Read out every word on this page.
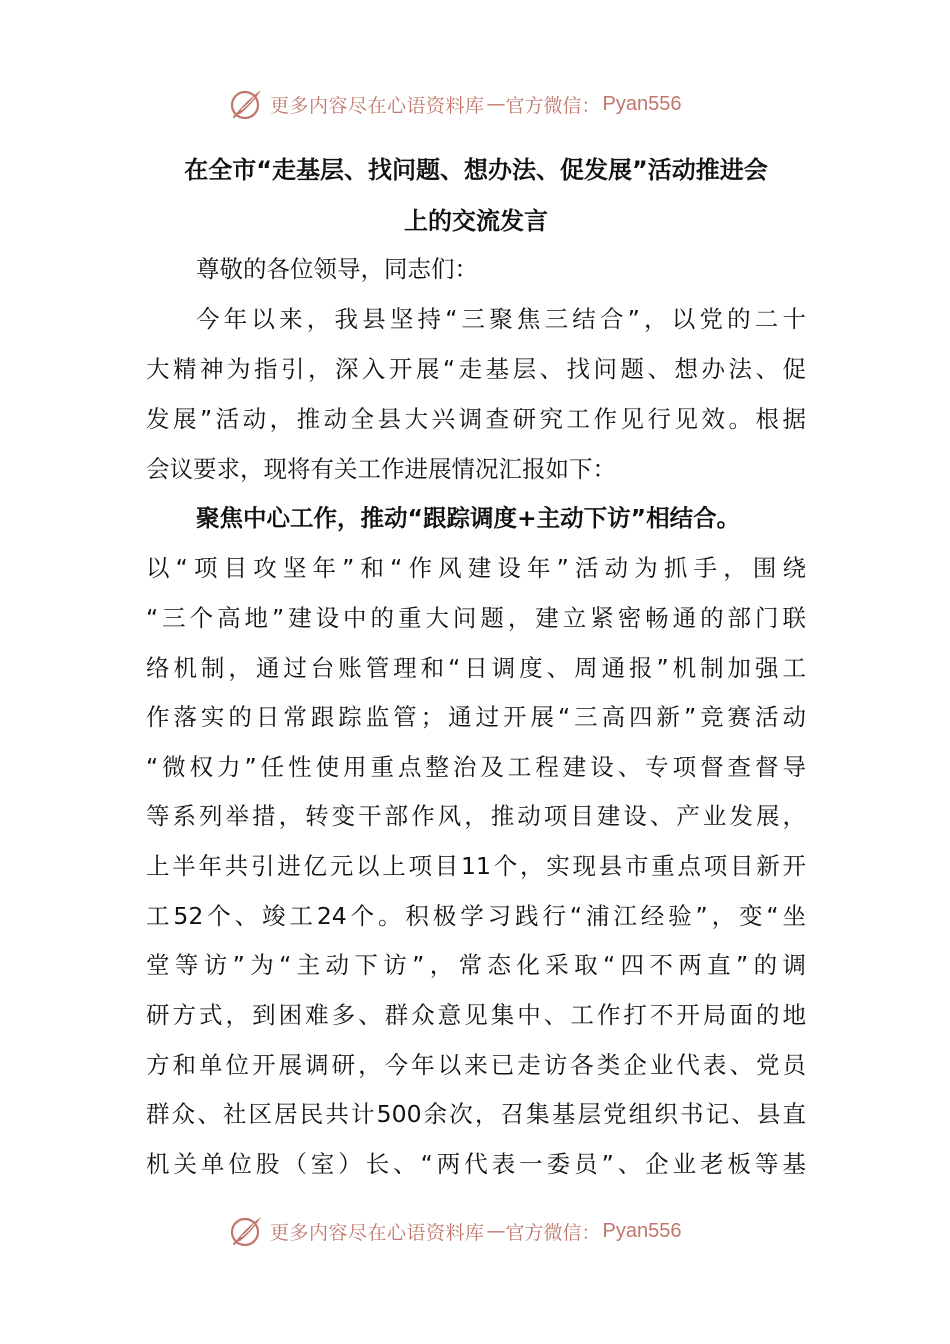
更多内容尽在心语资料库 — 官方微信： Pyan556
在全市“走基层、找问题、想办法、促发展”活动推进会
上的交流发言
尊敬的各位领导，同志们：
今年以来，我县坚持“三聚焦三结合”，以党的二十
大精神为指引，深入开展“走基层、找问题、想办法、促
发展”活动，推动全县大兴调查研究工作见行见效。根据
会议要求，现将有关工作进展情况汇报如下：
聚焦中心工作，推动“跟踪调度+主动下访”相结合。
以“项目攻坚年”和“作风建设年”活动为抓手，围绕
“三个高地”建设中的重大问题，建立紧密畅通的部门联
络机制，通过台账管理和“日调度、周通报”机制加强工
作落实的日常跟踪监管；通过开展“三高四新”竞赛活动
“微权力”任性使用重点整治及工程建设、专项督查督导
等系列举措，转变干部作风，推动项目建设、产业发展，
上半年共引进亿元以上项目11个，实现县市重点项目新开
工52个、竣工24个。积极学习践行“浦江经验”，变“坐
堂等访”为“主动下访”，常态化采取“四不两直”的调
研方式，到困难多、群众意见集中、工作打不开局面的地
方和单位开展调研，今年以来已走访各类企业代表、党员
群众、社区居民共计500余次，召集基层党组织书记、县直
机关单位股（室）长、“两代表一委员”、企业老板等基
更多内容尽在心语资料库 — 官方微信： Pyan556
